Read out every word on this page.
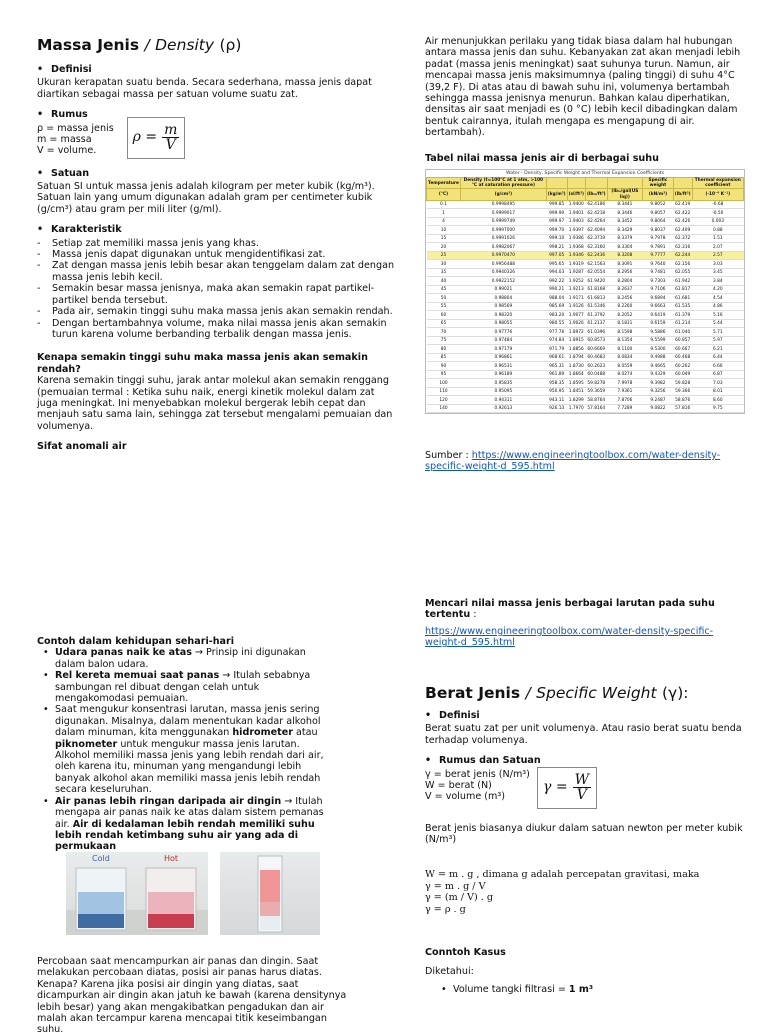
Massa Jenis / Density (ρ)
• Definisi

Ukuran kerapatan suatu benda. Secara sederhana, massa jenis dapat diartikan sebagai massa per satuan volume suatu zat.

• Rumus
ρ = massa jenis
m = massa
V = volume.
$\rho = \frac{m}{V}$
• Satuan

Satuan SI untuk massa jenis adalah kilogram per meter kubik (kg/m³). Satuan lain yang umum digunakan adalah gram per centimeter kubik (g/cm³) atau gram per mili liter (g/ml).

• Karakteristik
-	Setiap zat memiliki massa jenis yang khas.
-	Massa jenis dapat digunakan untuk mengidentifikasi zat.
-	Zat dengan massa jenis lebih besar akan tenggelam dalam zat dengan massa jenis lebih kecil.
-	Semakin besar massa jenisnya, maka akan semakin rapat partikel-partikel benda tersebut.
-	Pada air, semakin tinggi suhu maka massa jenis akan semakin rendah.
-	Dengan bertambahnya volume, maka nilai massa jenis akan semakin turun karena volume berbanding terbalik dengan massa jenis.

Kenapa semakin tinggi suhu maka massa jenis akan semakin rendah?

Karena semakin tinggi suhu, jarak antar molekul akan semakin renggang (pemuaian termal : Ketika suhu naik, energi kinetik molekul dalam zat juga meningkat. Ini menyebabkan molekul bergerak lebih cepat dan menjauh satu sama lain, sehingga zat tersebut mengalami pemuaian dan volumenya.

Sifat anomali air

Contoh dalam kehidupan sehari-hari

• Udara panas naik ke atas → Prinsip ini digunakan dalam balon udara.
• Rel kereta memuai saat panas → Itulah sebabnya sambungan rel dibuat dengan celah untuk mengakomodasi pemuaian.
• Saat mengukur konsentrasi larutan, massa jenis sering digunakan. Misalnya, dalam menentukan kadar alkohol dalam minuman, kita menggunakan hidrometer atau piknometer untuk mengukur massa jenis larutan. Alkohol memiliki massa jenis yang lebih rendah dari air, oleh karena itu, minuman yang mengandungi lebih banyak alkohol akan memiliki massa jenis lebih rendah secara keseluruhan.
• Air panas lebih ringan daripada air dingin → Itulah mengapa air panas naik ke atas dalam sistem pemanas air. Air di kedalaman lebih rendah memiliki suhu lebih rendah ketimbang suhu air yang ada di permukaan
Cold	Hot

Percobaan saat mencampurkan air panas dan dingin. Saat melakukan percobaan diatas, posisi air panas harus diatas. Kenapa? Karena jika posisi air dingin yang diatas, saat dicampurkan air dingin akan jatuh ke bawah (karena densitynya lebih besar) yang akan mengakibatkan pengadukan dan air malah akan tercampur karena mencapai titik keseimbangan suhu.

Air menunjukkan perilaku yang tidak biasa dalam hal hubungan antara massa jenis dan suhu. Kebanyakan zat akan menjadi lebih padat (massa jenis meningkat) saat suhunya turun. Namun, air mencapai massa jenis maksimumnya (paling tinggi) di suhu 4°C (39,2 F). Di atas atau di bawah suhu ini, volumenya bertambah sehingga massa jenisnya menurun. Bahkan kalau diperhatikan, densitas air saat menjadi es (0 °C) lebih kecil dibadingkan dalam bentuk cairannya, itulah mengapa es mengapung di air. bertambah).

Tabel nilai massa jenis air di berbagai suhu

Water - Density, Specific Weight and Thermal Expansion Coefficients
Temperature	Density (t=100°C at 1 atm, >100 °C at saturation pressure)					Specific weight		Thermal expansion coefficient
(°C)	(g/cm³)	(kg/m³)	(sl/ft³)	(lbₘ/ft³)	(lbₘ/gal(US liq))	(kN/m³)	(lb/ft³)	(·10⁻⁴ K⁻¹)
0.1	0.9998495	999.85	1.9400	62.4186	8.3441	9.8052	62.419	-0.68
1	0.9999017	999.90	1.9401	62.4218	8.3446	9.8057	62.422	-0.50
4	0.9999749	999.97	1.9403	62.4264	8.3452	9.8064	62.426	0.003
10	0.9997000	999.70	1.9397	62.4094	8.3429	9.8037	62.409	0.88
15	0.9991026	999.10	1.9386	62.3719	8.3379	9.7978	62.372	1.51
20	0.9982067	998.21	1.9368	62.3160	8.3304	9.7891	62.316	2.07
25	0.9970470	997.05	1.9346	62.2436	8.3208	9.7777	62.244	2.57
30	0.9956488	995.65	1.9319	62.1563	8.3091	9.7640	62.156	3.03
35	0.9940326	994.03	1.9287	62.0554	8.2956	9.7481	62.055	3.45
40	0.9922152	992.22	1.9252	61.9420	8.2804	9.7303	61.942	3.84
45	0.99021	990.21	1.9213	61.8168	8.2637	9.7106	61.817	4.20
50	0.98804	988.04	1.9171	61.6813	8.2456	9.6894	61.681	4.54
55	0.98569	985.69	1.9126	61.5346	8.2260	9.6663	61.535	4.86
60	0.98320	983.20	1.9077	61.3792	8.2052	9.6419	61.379	5.16
65	0.98055	980.55	1.9026	61.2137	8.1831	9.6159	61.214	5.44
70	0.97776	977.76	1.8972	61.0396	8.1598	9.5886	61.040	5.71
75	0.97484	974.84	1.8915	60.8573	8.1354	9.5599	60.857	5.97
80	0.97179	971.79	1.8856	60.6669	8.1100	9.5300	60.667	6.21
85	0.96861	968.61	1.8794	60.4683	8.0834	9.4988	60.468	6.44
90	0.96531	965.31	1.8730	60.2623	8.0559	9.4665	60.262	6.66
95	0.96189	961.89	1.8664	60.0488	8.0274	9.4329	60.049	6.87
100	0.95835	958.35	1.8595	59.8278	7.9978	9.3982	59.828	7.03
110	0.95095	950.95	1.8451	59.3659	7.9361	9.3256	59.366	8.01
120	0.94311	943.11	1.8299	58.8764	7.8706	9.2487	58.876	8.60
140	0.92613	926.13	1.7970	57.8164	7.7289	9.0822	57.816	9.75
Sumber : https://www.engineeringtoolbox.com/water-density-specific-weight-d_595.html
Mencari nilai massa jenis berbagai larutan pada suhu tertentu :
https://www.engineeringtoolbox.com/water-density-specific-weight-d_595.html
Berat Jenis / Specific Weight (γ):
• Definisi

Berat suatu zat per unit volumenya. Atau rasio berat suatu benda terhadap volumenya.

• Rumus dan Satuan
γ = berat jenis (N/m³)
W = berat (N)
V = volume (m³)
$\gamma = \frac{W}{V}$

Berat jenis biasanya diukur dalam satuan newton per meter kubik (N/m³)

W = m . g , dimana g adalah percepatan gravitasi, maka
γ = m . g / V
γ = (m / V) . g
γ = ρ . g

Conntoh Kasus

Diketahui:

• Volume tangki filtrasi = 1 m³
